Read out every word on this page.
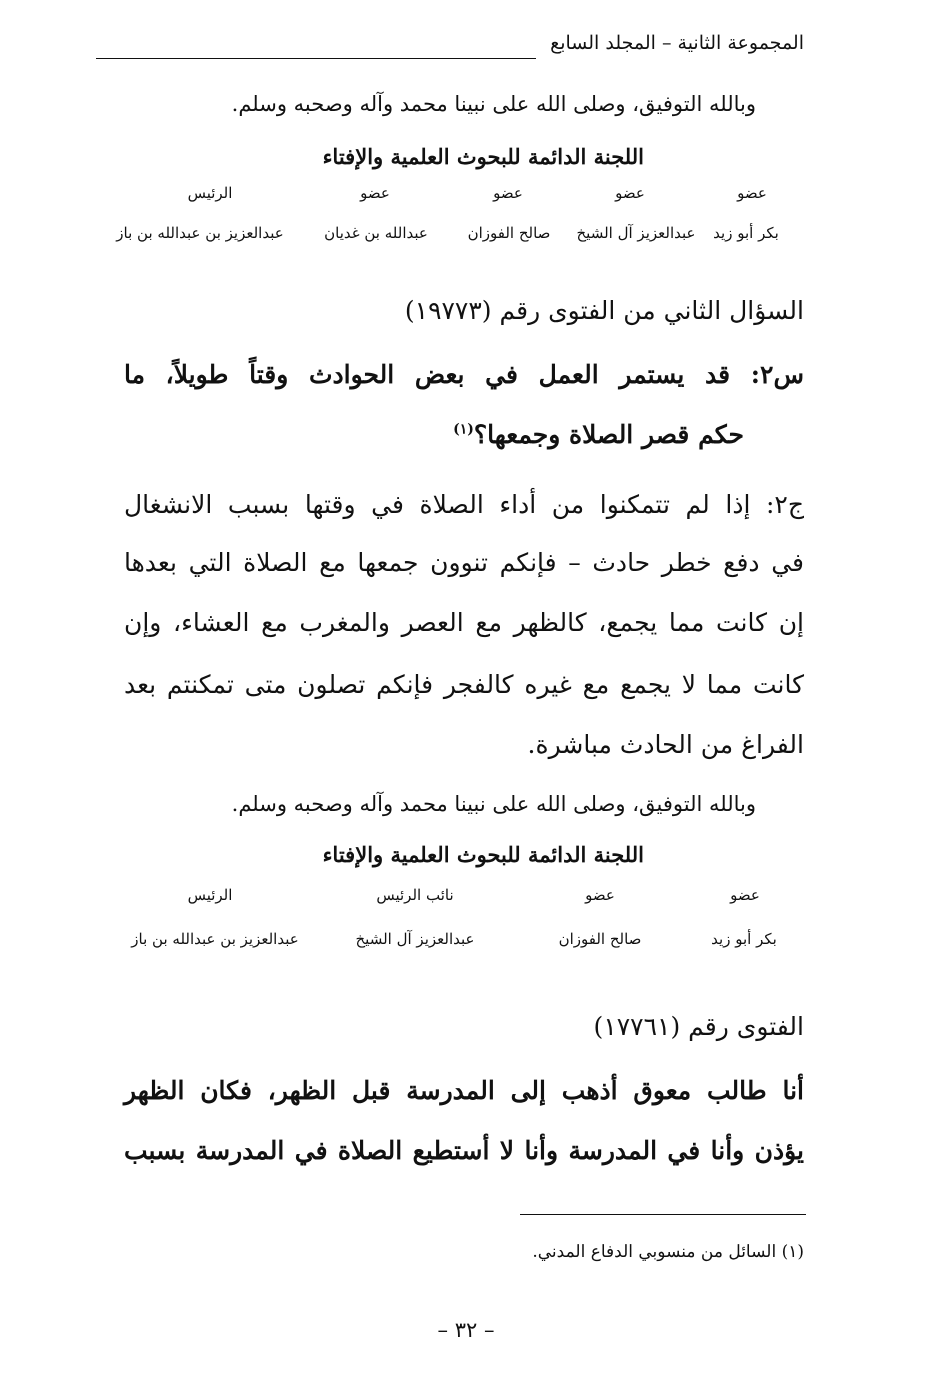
المجموعة الثانية – المجلد السابع
وبالله التوفيق، وصلى الله على نبينا محمد وآله وصحبه وسلم.
اللجنة الدائمة للبحوث العلمية والإفتاء
عضو
عضو
عضو
عضو
الرئيس
بكر أبو زيد
عبدالعزيز آل الشيخ
صالح الفوزان
عبدالله بن غديان
عبدالعزيز بن عبدالله بن باز
السؤال الثاني من الفتوى رقم (١٩٧٧٣)
س٢: قد يستمر العمل في بعض الحوادث وقتاً طويلاً، ما
حكم قصر الصلاة وجمعها؟$^{(١)}$
ج٢: إذا لم تتمكنوا من أداء الصلاة في وقتها بسبب الانشغال
في دفع خطر حادث – فإنكم تنوون جمعها مع الصلاة التي بعدها
إن كانت مما يجمع، كالظهر مع العصر والمغرب مع العشاء، وإن
كانت مما لا يجمع مع غيره كالفجر فإنكم تصلون متى تمكنتم بعد
الفراغ من الحادث مباشرة.
وبالله التوفيق، وصلى الله على نبينا محمد وآله وصحبه وسلم.
اللجنة الدائمة للبحوث العلمية والإفتاء
عضو
عضو
نائب الرئيس
الرئيس
بكر أبو زيد
صالح الفوزان
عبدالعزيز آل الشيخ
عبدالعزيز بن عبدالله بن باز
الفتوى رقم (١٧٧٦١)
أنا طالب معوق أذهب إلى المدرسة قبل الظهر، فكان الظهر
يؤذن وأنا في المدرسة وأنا لا أستطيع الصلاة في المدرسة بسبب
(١) السائل من منسوبي الدفاع المدني.
– ٣٢ –
